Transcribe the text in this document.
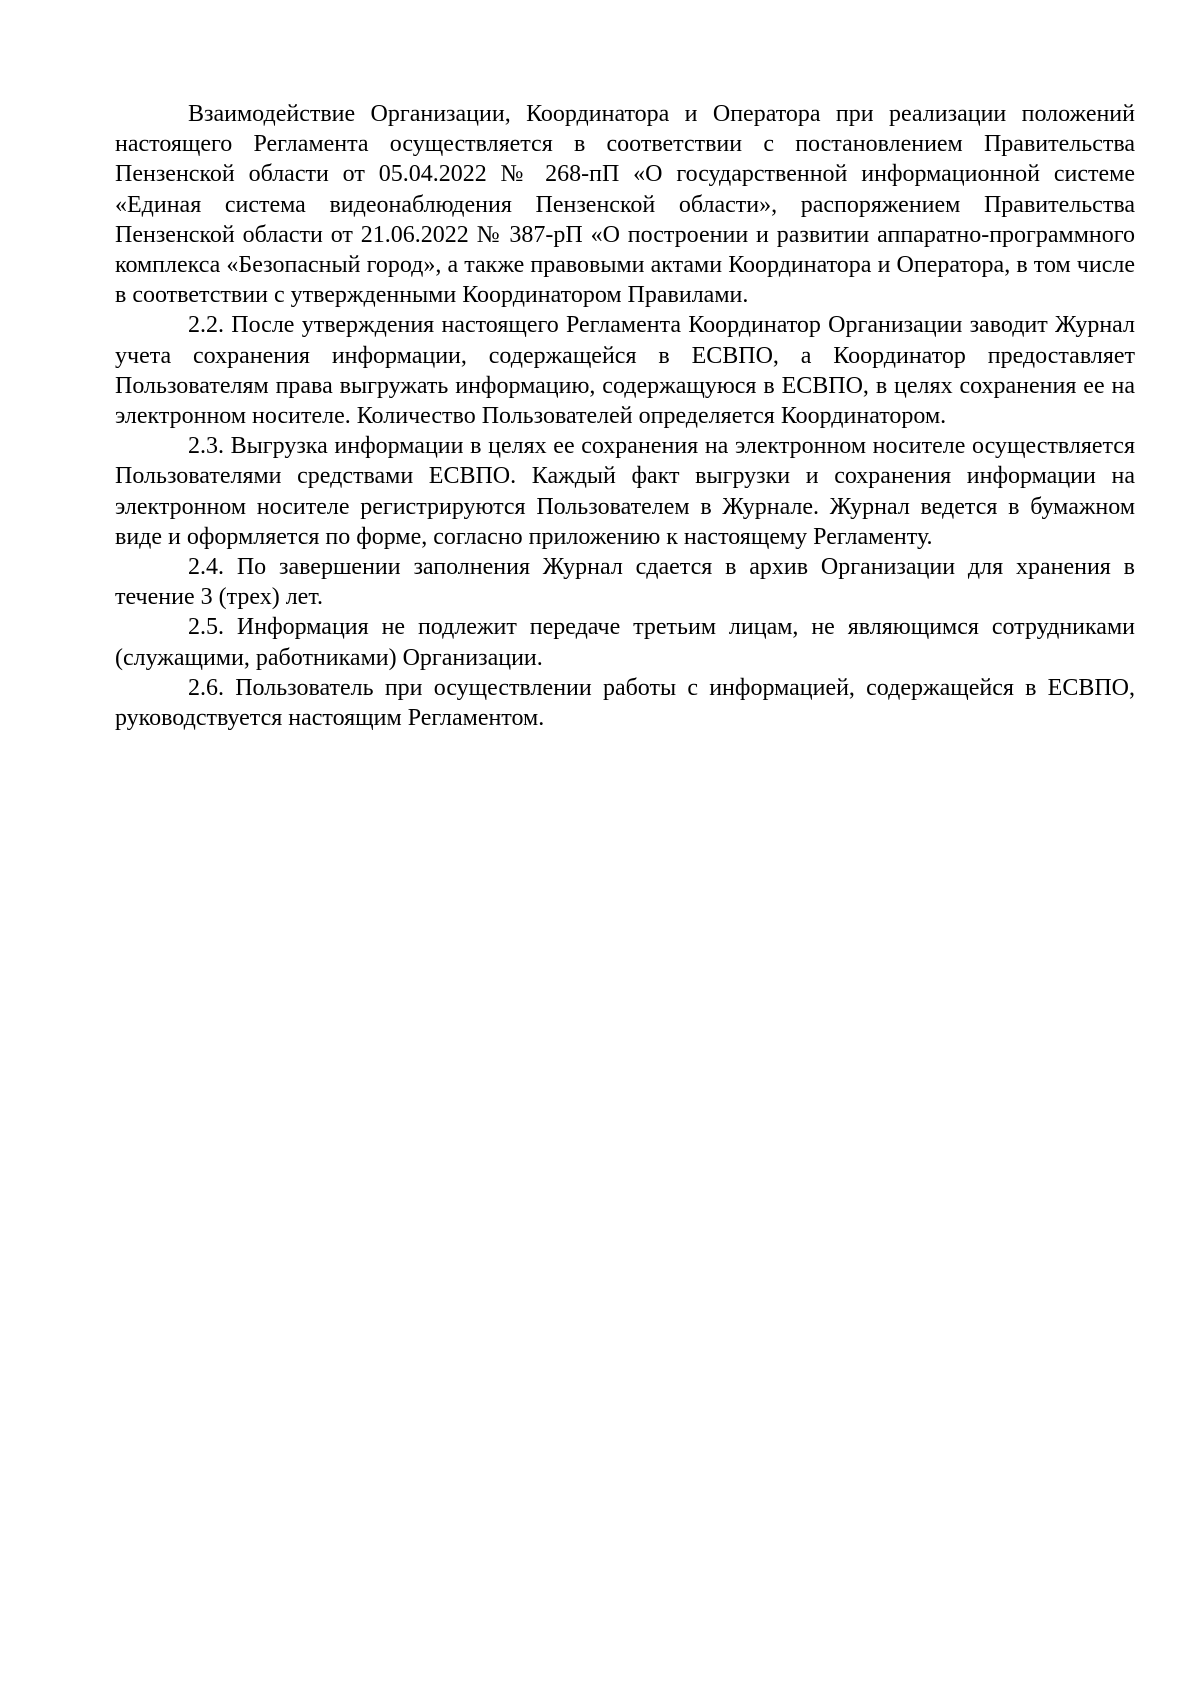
Взаимодействие Организации, Координатора и Оператора при реализации положений настоящего Регламента осуществляется в соответствии с постановлением Правительства Пензенской области от 05.04.2022 № 268-пП «О государственной информационной системе «Единая система видеонаблюдения Пензенской области», распоряжением Правительства Пензенской области от 21.06.2022 № 387-рП «О построении и развитии аппаратно-программного комплекса «Безопасный город», а также правовыми актами Координатора и Оператора, в том числе в соответствии с утвержденными Координатором Правилами.

2.2. После утверждения настоящего Регламента Координатор Организации заводит Журнал учета сохранения информации, содержащейся в ЕСВПО, а Координатор предоставляет Пользователям права выгружать информацию, содержащуюся в ЕСВПО, в целях сохранения ее на электронном носителе. Количество Пользователей определяется Координатором.

2.3. Выгрузка информации в целях ее сохранения на электронном носителе осуществляется Пользователями средствами ЕСВПО. Каждый факт выгрузки и сохранения информации на электронном носителе регистрируются Пользователем в Журнале. Журнал ведется в бумажном виде и оформляется по форме, согласно приложению к настоящему Регламенту.

2.4. По завершении заполнения Журнал сдается в архив Организации для хранения в течение 3 (трех) лет.

2.5. Информация не подлежит передаче третьим лицам, не являющимся сотрудниками (служащими, работниками) Организации.

2.6. Пользователь при осуществлении работы с информацией, содержащейся в ЕСВПО, руководствуется настоящим Регламентом.
